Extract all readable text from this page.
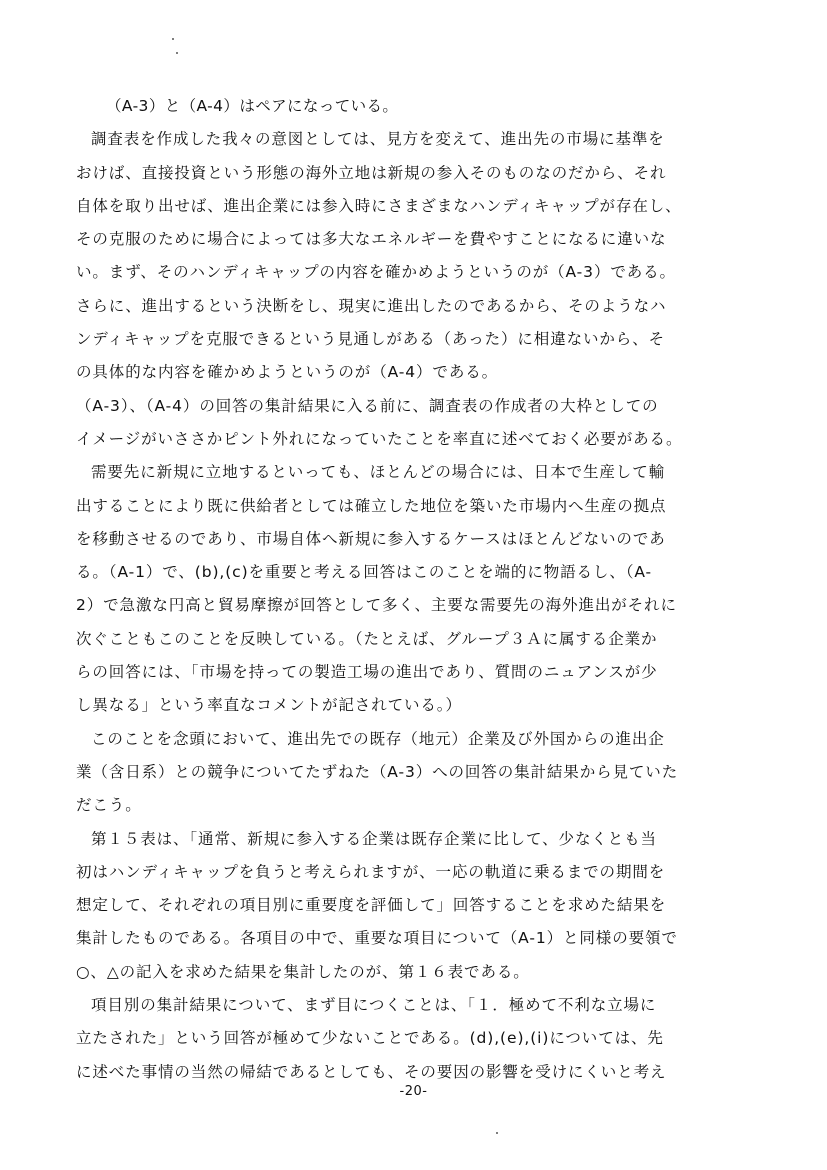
（A-3）と（A-4）はペアになっている。
調査表を作成した我々の意図としては、見方を変えて、進出先の市場に基準を
おけば、直接投資という形態の海外立地は新規の参入そのものなのだから、それ
自体を取り出せば、進出企業には参入時にさまざまなハンディキャップが存在し、
その克服のために場合によっては多大なエネルギーを費やすことになるに違いな
い。まず、そのハンディキャップの内容を確かめようというのが（A-3）である。
さらに、進出するという決断をし、現実に進出したのであるから、そのようなハ
ンディキャップを克服できるという見通しがある（あった）に相違ないから、そ
の具体的な内容を確かめようというのが（A-4）である。
（A-3）、（A-4）の回答の集計結果に入る前に、調査表の作成者の大枠としての
イメージがいささかピント外れになっていたことを率直に述べておく必要がある。
需要先に新規に立地するといっても、ほとんどの場合には、日本で生産して輸
出することにより既に供給者としては確立した地位を築いた市場内へ生産の拠点
を移動させるのであり、市場自体へ新規に参入するケースはほとんどないのであ
る。（A-1）で、(b),(c)を重要と考える回答はこのことを端的に物語るし、（A-
2）で急激な円高と貿易摩擦が回答として多く、主要な需要先の海外進出がそれに
次ぐこともこのことを反映している。（たとえば、グループ３Ａに属する企業か
らの回答には、「市場を持っての製造工場の進出であり、質問のニュアンスが少
し異なる」という率直なコメントが記されている。）
このことを念頭において、進出先での既存（地元）企業及び外国からの進出企
業（含日系）との競争についてたずねた（A-3）への回答の集計結果から見ていた
だこう。
第１５表は、「通常、新規に参入する企業は既存企業に比して、少なくとも当
初はハンディキャップを負うと考えられますが、一応の軌道に乗るまでの期間を
想定して、それぞれの項目別に重要度を評価して」回答することを求めた結果を
集計したものである。各項目の中で、重要な項目について（A-1）と同様の要領で
○、△の記入を求めた結果を集計したのが、第１６表である。
項目別の集計結果について、まず目につくことは、「１．極めて不利な立場に
立たされた」という回答が極めて少ないことである。(d),(e),(i)については、先
に述べた事情の当然の帰結であるとしても、その要因の影響を受けにくいと考え
-20-
